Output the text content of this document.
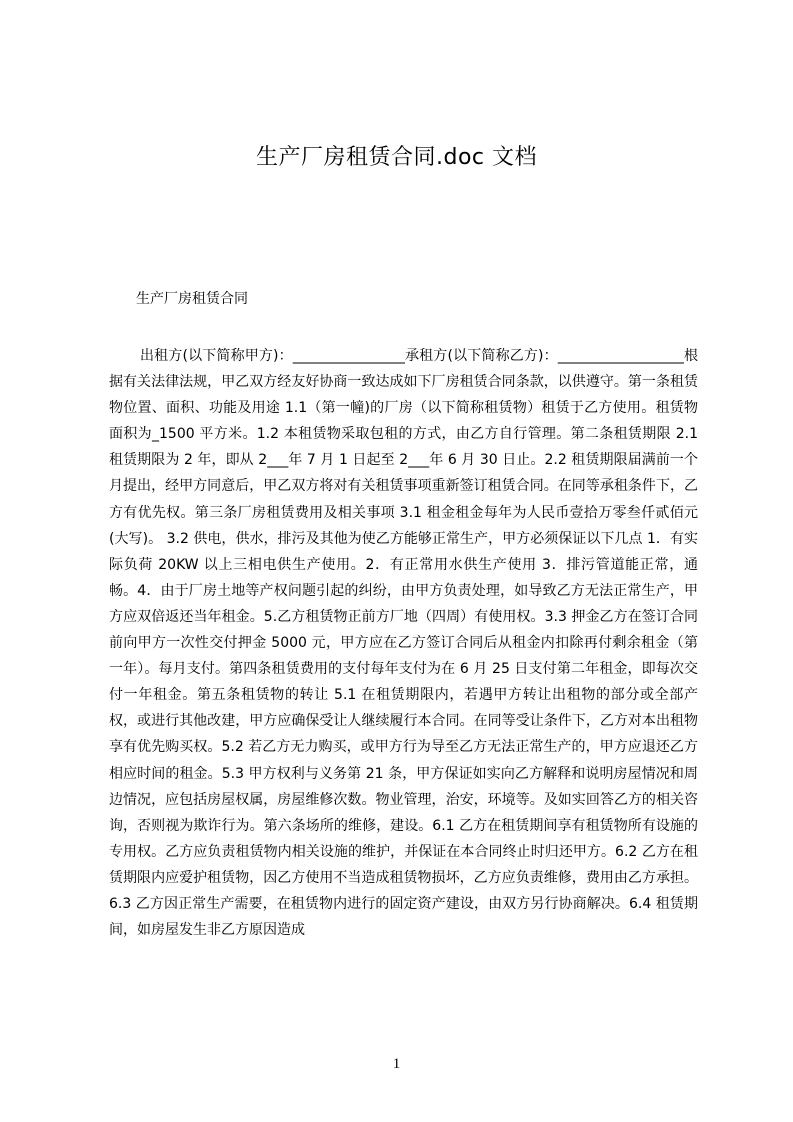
生产厂房租赁合同.doc 文档
生产厂房租赁合同

出租方(以下简称甲方)：________________承租方(以下简称乙方)：__________________根据有关法律法规，甲乙双方经友好协商一致达成如下厂房租赁合同条款，以供遵守。第一条租赁物位置、面积、功能及用途 1.1（第一幢)的厂房（以下简称租赁物）租赁于乙方使用。租赁物面积为_1500 平方米。1.2 本租赁物采取包租的方式，由乙方自行管理。第二条租赁期限 2.1 租赁期限为 2 年，即从 2___年 7 月 1 日起至 2___年 6 月 30 日止。2.2 租赁期限届满前一个月提出，经甲方同意后，甲乙双方将对有关租赁事项重新签订租赁合同。在同等承租条件下，乙方有优先权。第三条厂房租赁费用及相关事项 3.1 租金租金每年为人民币壹拾万零叁仟贰佰元(大写)。 3.2 供电，供水，排污及其他为使乙方能够正常生产，甲方必须保证以下几点 1．有实际负荷 20KW 以上三相电供生产使用。2．有正常用水供生产使用 3．排污管道能正常，通畅。4．由于厂房土地等产权问题引起的纠纷，由甲方负责处理，如导致乙方无法正常生产，甲方应双倍返还当年租金。5.乙方租赁物正前方厂地（四周）有使用权。3.3 押金乙方在签订合同前向甲方一次性交付押金 5000 元，甲方应在乙方签订合同后从租金内扣除再付剩余租金（第一年）。每月支付。第四条租赁费用的支付每年支付为在 6 月 25 日支付第二年租金，即每次交付一年租金。第五条租赁物的转让 5.1 在租赁期限内，若遇甲方转让出租物的部分或全部产权，或进行其他改建，甲方应确保受让人继续履行本合同。在同等受让条件下，乙方对本出租物享有优先购买权。5.2 若乙方无力购买，或甲方行为导至乙方无法正常生产的，甲方应退还乙方相应时间的租金。5.3 甲方权利与义务第 21 条，甲方保证如实向乙方解释和说明房屋情况和周边情况，应包括房屋权属，房屋维修次数。物业管理，治安，环境等。及如实回答乙方的相关咨询，否则视为欺诈行为。第六条场所的维修，建设。6.1 乙方在租赁期间享有租赁物所有设施的专用权。乙方应负责租赁物内相关设施的维护，并保证在本合同终止时归还甲方。6.2 乙方在租赁期限内应爱护租赁物，因乙方使用不当造成租赁物损坏，乙方应负责维修，费用由乙方承担。6.3 乙方因正常生产需要，在租赁物内进行的固定资产建设，由双方另行协商解决。6.4 租赁期间，如房屋发生非乙方原因造成

1
